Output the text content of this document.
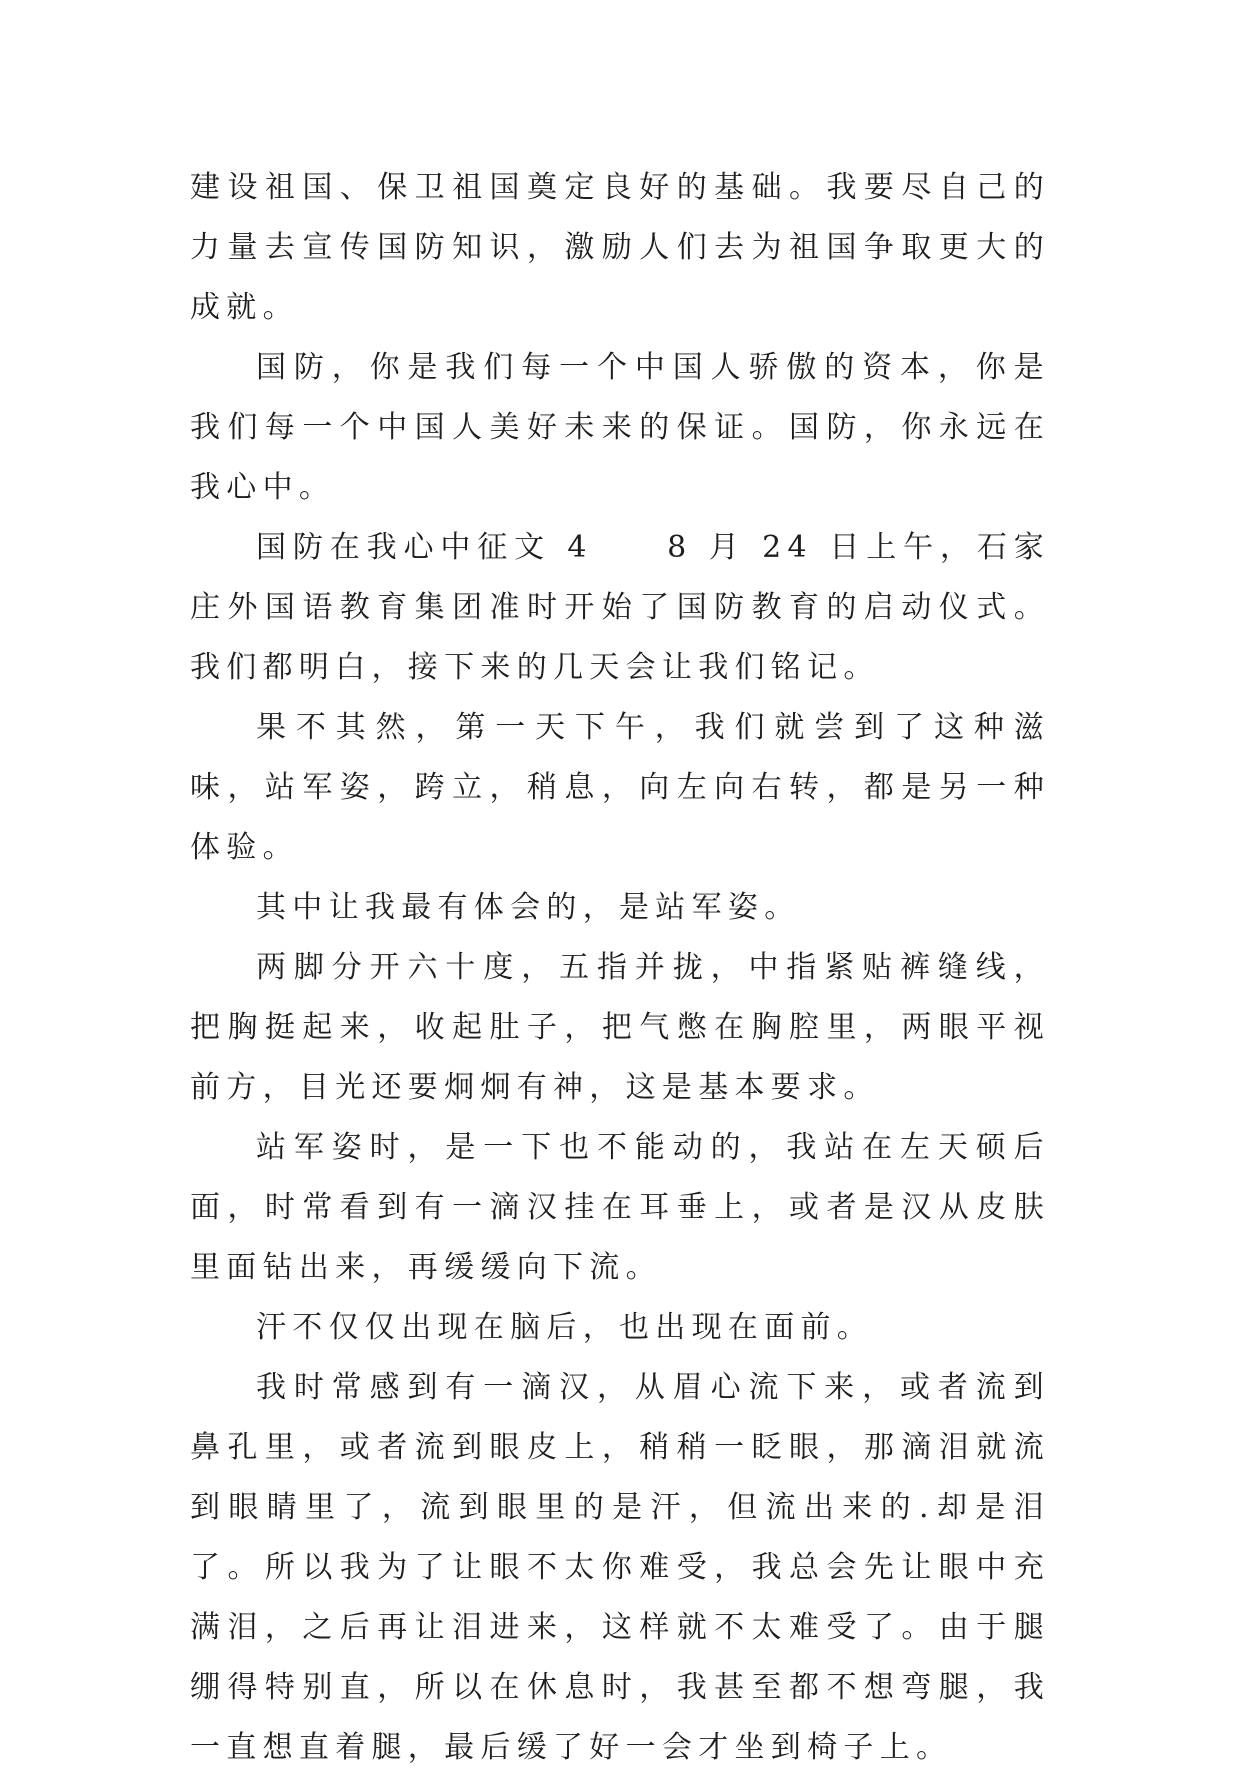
建设祖国、保卫祖国奠定良好的基础。我要尽自己的力量去宣传国防知识，激励人们去为祖国争取更大的成就。

国防，你是我们每一个中国人骄傲的资本，你是我们每一个中国人美好未来的保证。国防，你永远在我心中。

国防在我心中征文 4　　8 月 24 日上午，石家庄外国语教育集团准时开始了国防教育的启动仪式。我们都明白，接下来的几天会让我们铭记。

果不其然，第一天下午，我们就尝到了这种滋味，站军姿，跨立，稍息，向左向右转，都是另一种体验。

其中让我最有体会的，是站军姿。

两脚分开六十度，五指并拢，中指紧贴裤缝线，把胸挺起来，收起肚子，把气憋在胸腔里，两眼平视前方，目光还要炯炯有神，这是基本要求。

站军姿时，是一下也不能动的，我站在左天硕后面，时常看到有一滴汉挂在耳垂上，或者是汉从皮肤里面钻出来，再缓缓向下流。

汗不仅仅出现在脑后，也出现在面前。

我时常感到有一滴汉，从眉心流下来，或者流到鼻孔里，或者流到眼皮上，稍稍一眨眼，那滴泪就流到眼睛里了，流到眼里的是汗，但流出来的.却是泪了。所以我为了让眼不太你难受，我总会先让眼中充满泪，之后再让泪进来，这样就不太难受了。由于腿绷得特别直，所以在休息时，我甚至都不想弯腿，我一直想直着腿，最后缓了好一会才坐到椅子上。
